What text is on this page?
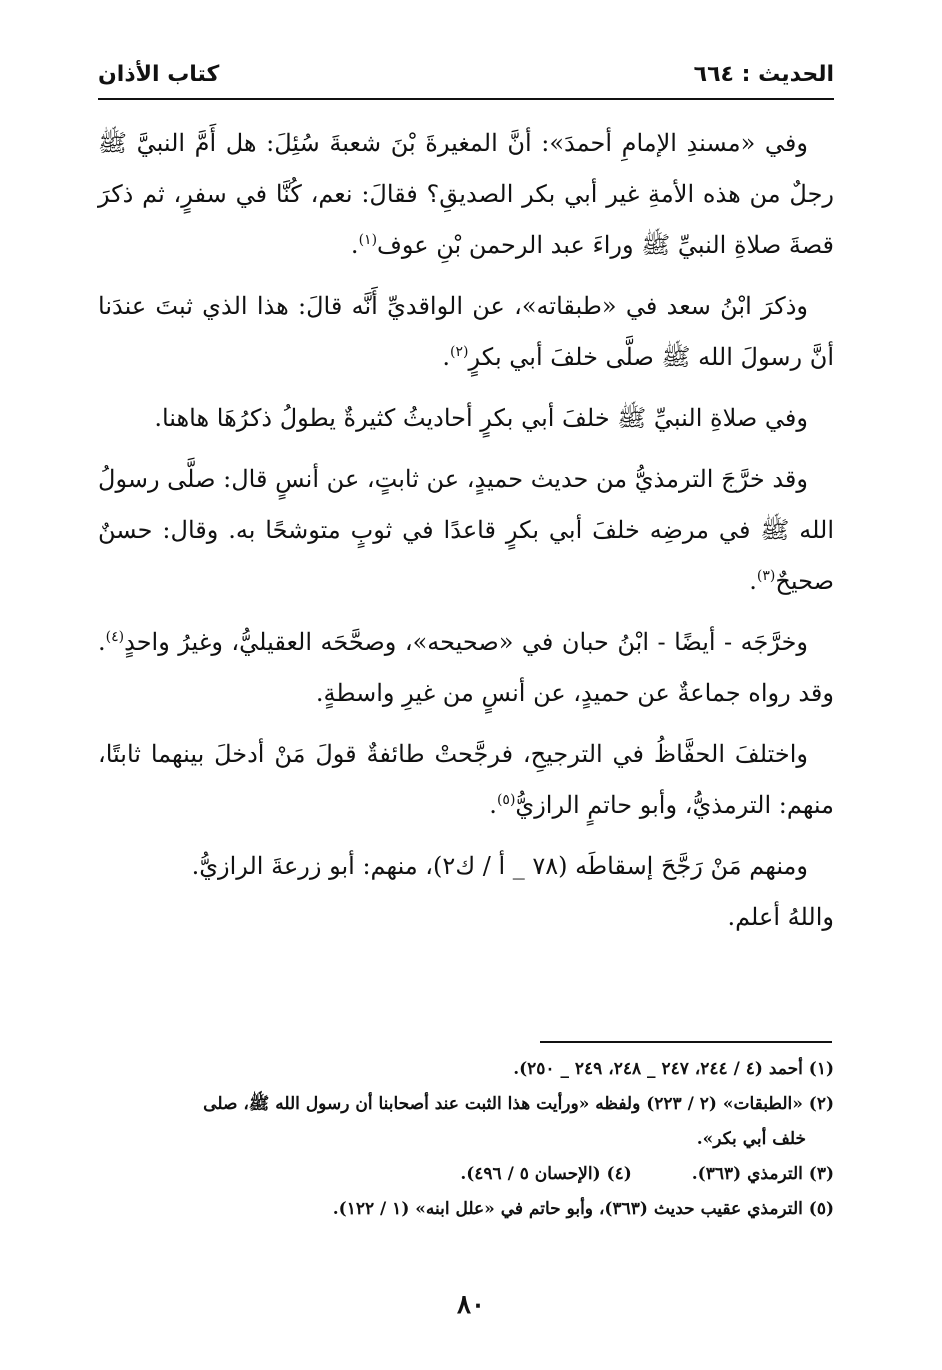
الحديث : ٦٦٤
كتاب الأذان

وفي «مسندِ الإمامِ أحمدَ»: أنَّ المغيرةَ بْنَ شعبةَ سُئِلَ: هل أَمَّ النبيَّ ﷺ رجلٌ من هذه الأمةِ غير أبي بكر الصديقِ؟ فقالَ: نعم، كُنَّا في سفرٍ، ثم ذكرَ قصةَ صلاةِ النبيِّ ﷺ وراءَ عبد الرحمن بْنِ عوف$^{(١)}$.

وذكرَ ابْنُ سعد في «طبقاته»، عن الواقديِّ أَنَّه قالَ: هذا الذي ثبتَ عندَنا أنَّ رسولَ الله ﷺ صلَّى خلفَ أبي بكرٍ$^{(٢)}$.

وفي صلاةِ النبيِّ ﷺ خلفَ أبي بكرٍ أحاديثُ كثيرةٌ يطولُ ذكرُهَا هاهنا.

وقد خرَّجَ الترمذيُّ من حديث حميدٍ، عن ثابتٍ، عن أنسٍ قال: صلَّى رسولُ الله ﷺ في مرضِه خلفَ أبي بكرٍ قاعدًا في ثوبٍ متوشحًا به. وقال: حسنٌ صحيحٌ$^{(٣)}$.

وخرَّجَه - أيضًا - ابْنُ حبان في «صحيحه»، وصحَّحَه العقيليُّ، وغيرُ واحدٍ$^{(٤)}$. وقد رواه جماعةٌ عن حميدٍ، عن أنسٍ من غيرِ واسطةٍ.

واختلفَ الحفَّاظُ في الترجيحِ، فرجَّحتْ طائفةٌ قولَ مَنْ أدخلَ بينهما ثابتًا، منهم: الترمذيُّ، وأبو حاتمٍ الرازيُّ$^{(٥)}$.

ومنهم مَنْ رَجَّحَ إسقاطَه (٧٨ _ أ / ك٢)، منهم: أبو زرعةَ الرازيُّ.

واللهُ أعلم.

(١) أحمد (٤ / ٢٤٤، ٢٤٧ _ ٢٤٨، ٢٤٩ _ ٢٥٠).

(٢) «الطبقات» (٢ / ٢٢٣) ولفظه «ورأيت هذا الثبت عند أصحابنا أن رسول الله ﷺ، صلى
خلف أبي بكر».

(٣) الترمذي (٣٦٣).
(٤) (الإحسان ٥ / ٤٩٦).

(٥) الترمذي عقيب حديث (٣٦٣)، وأبو حاتم في «علل ابنه» (١ / ١٢٢).

٨٠
